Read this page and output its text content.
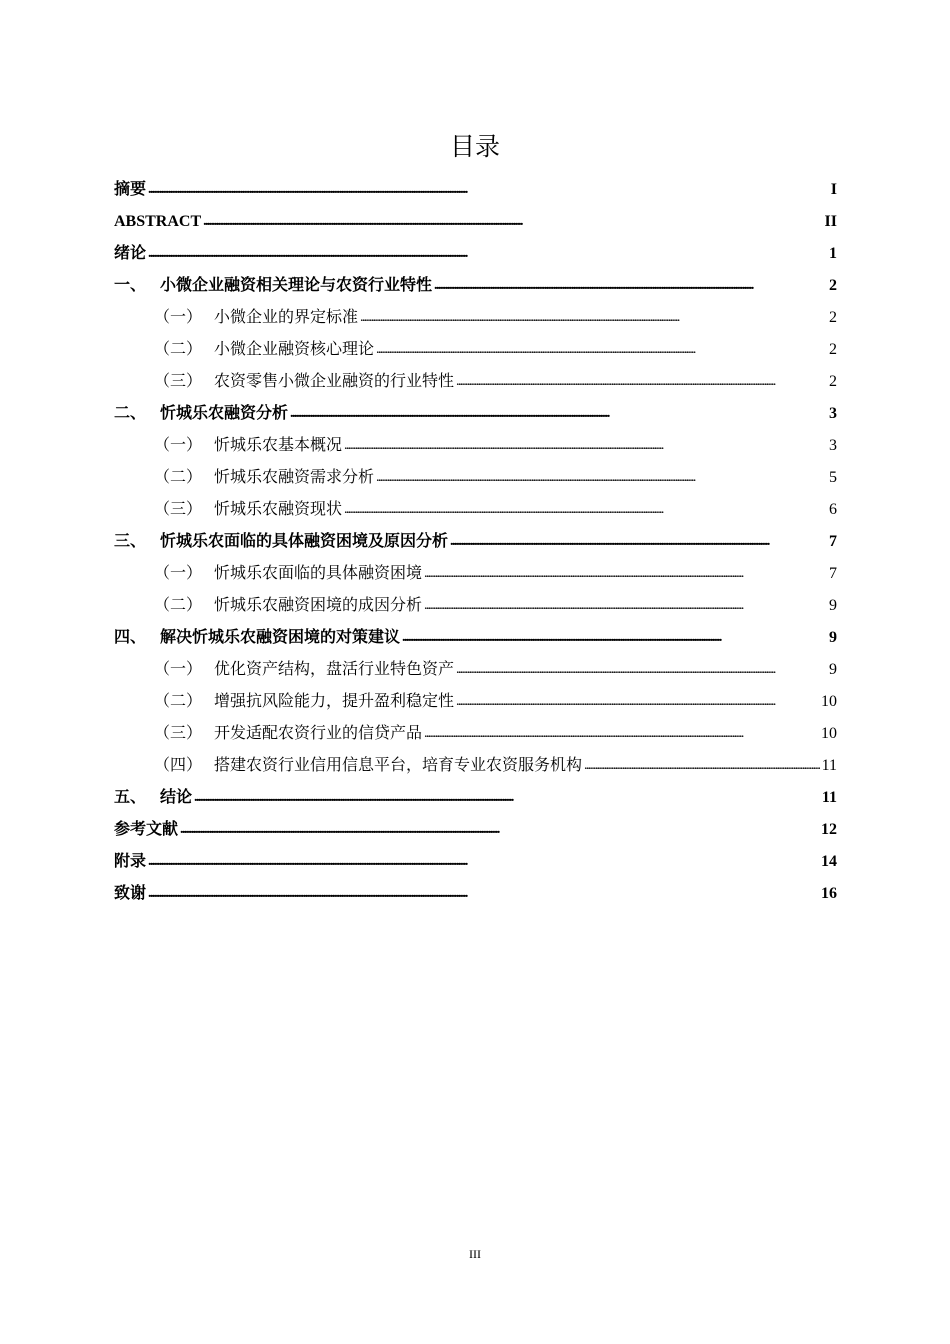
目录
摘要 . . .	I
ABSTRACT . . .	II
绪论 . . .	1
一、 小微企业融资相关理论与农资行业特性 . . .	2
（一） 小微企业的界定标准 . . .	2
（二） 小微企业融资核心理论 . . .	2
（三） 农资零售小微企业融资的行业特性 . . .	2
二、 忻城乐农融资分析 . . .	3
（一） 忻城乐农基本概况 . . .	3
（二） 忻城乐农融资需求分析 . . .	5
（三） 忻城乐农融资现状 . . .	6
三、 忻城乐农面临的具体融资困境及原因分析 . . .	7
（一） 忻城乐农面临的具体融资困境 . . .	7
（二） 忻城乐农融资困境的成因分析 . . .	9
四、 解决忻城乐农融资困境的对策建议 . . .	9
（一） 优化资产结构，盘活行业特色资产 . . .	9
（二） 增强抗风险能力，提升盈利稳定性 . . .	10
（三） 开发适配农资行业的信贷产品 . . .	10
（四） 搭建农资行业信用信息平台，培育专业农资服务机构 . . .	11
五、 结论 . . .	11
参考文献 . . .	12
附录 . . .	14
致谢 . . .	16
III
